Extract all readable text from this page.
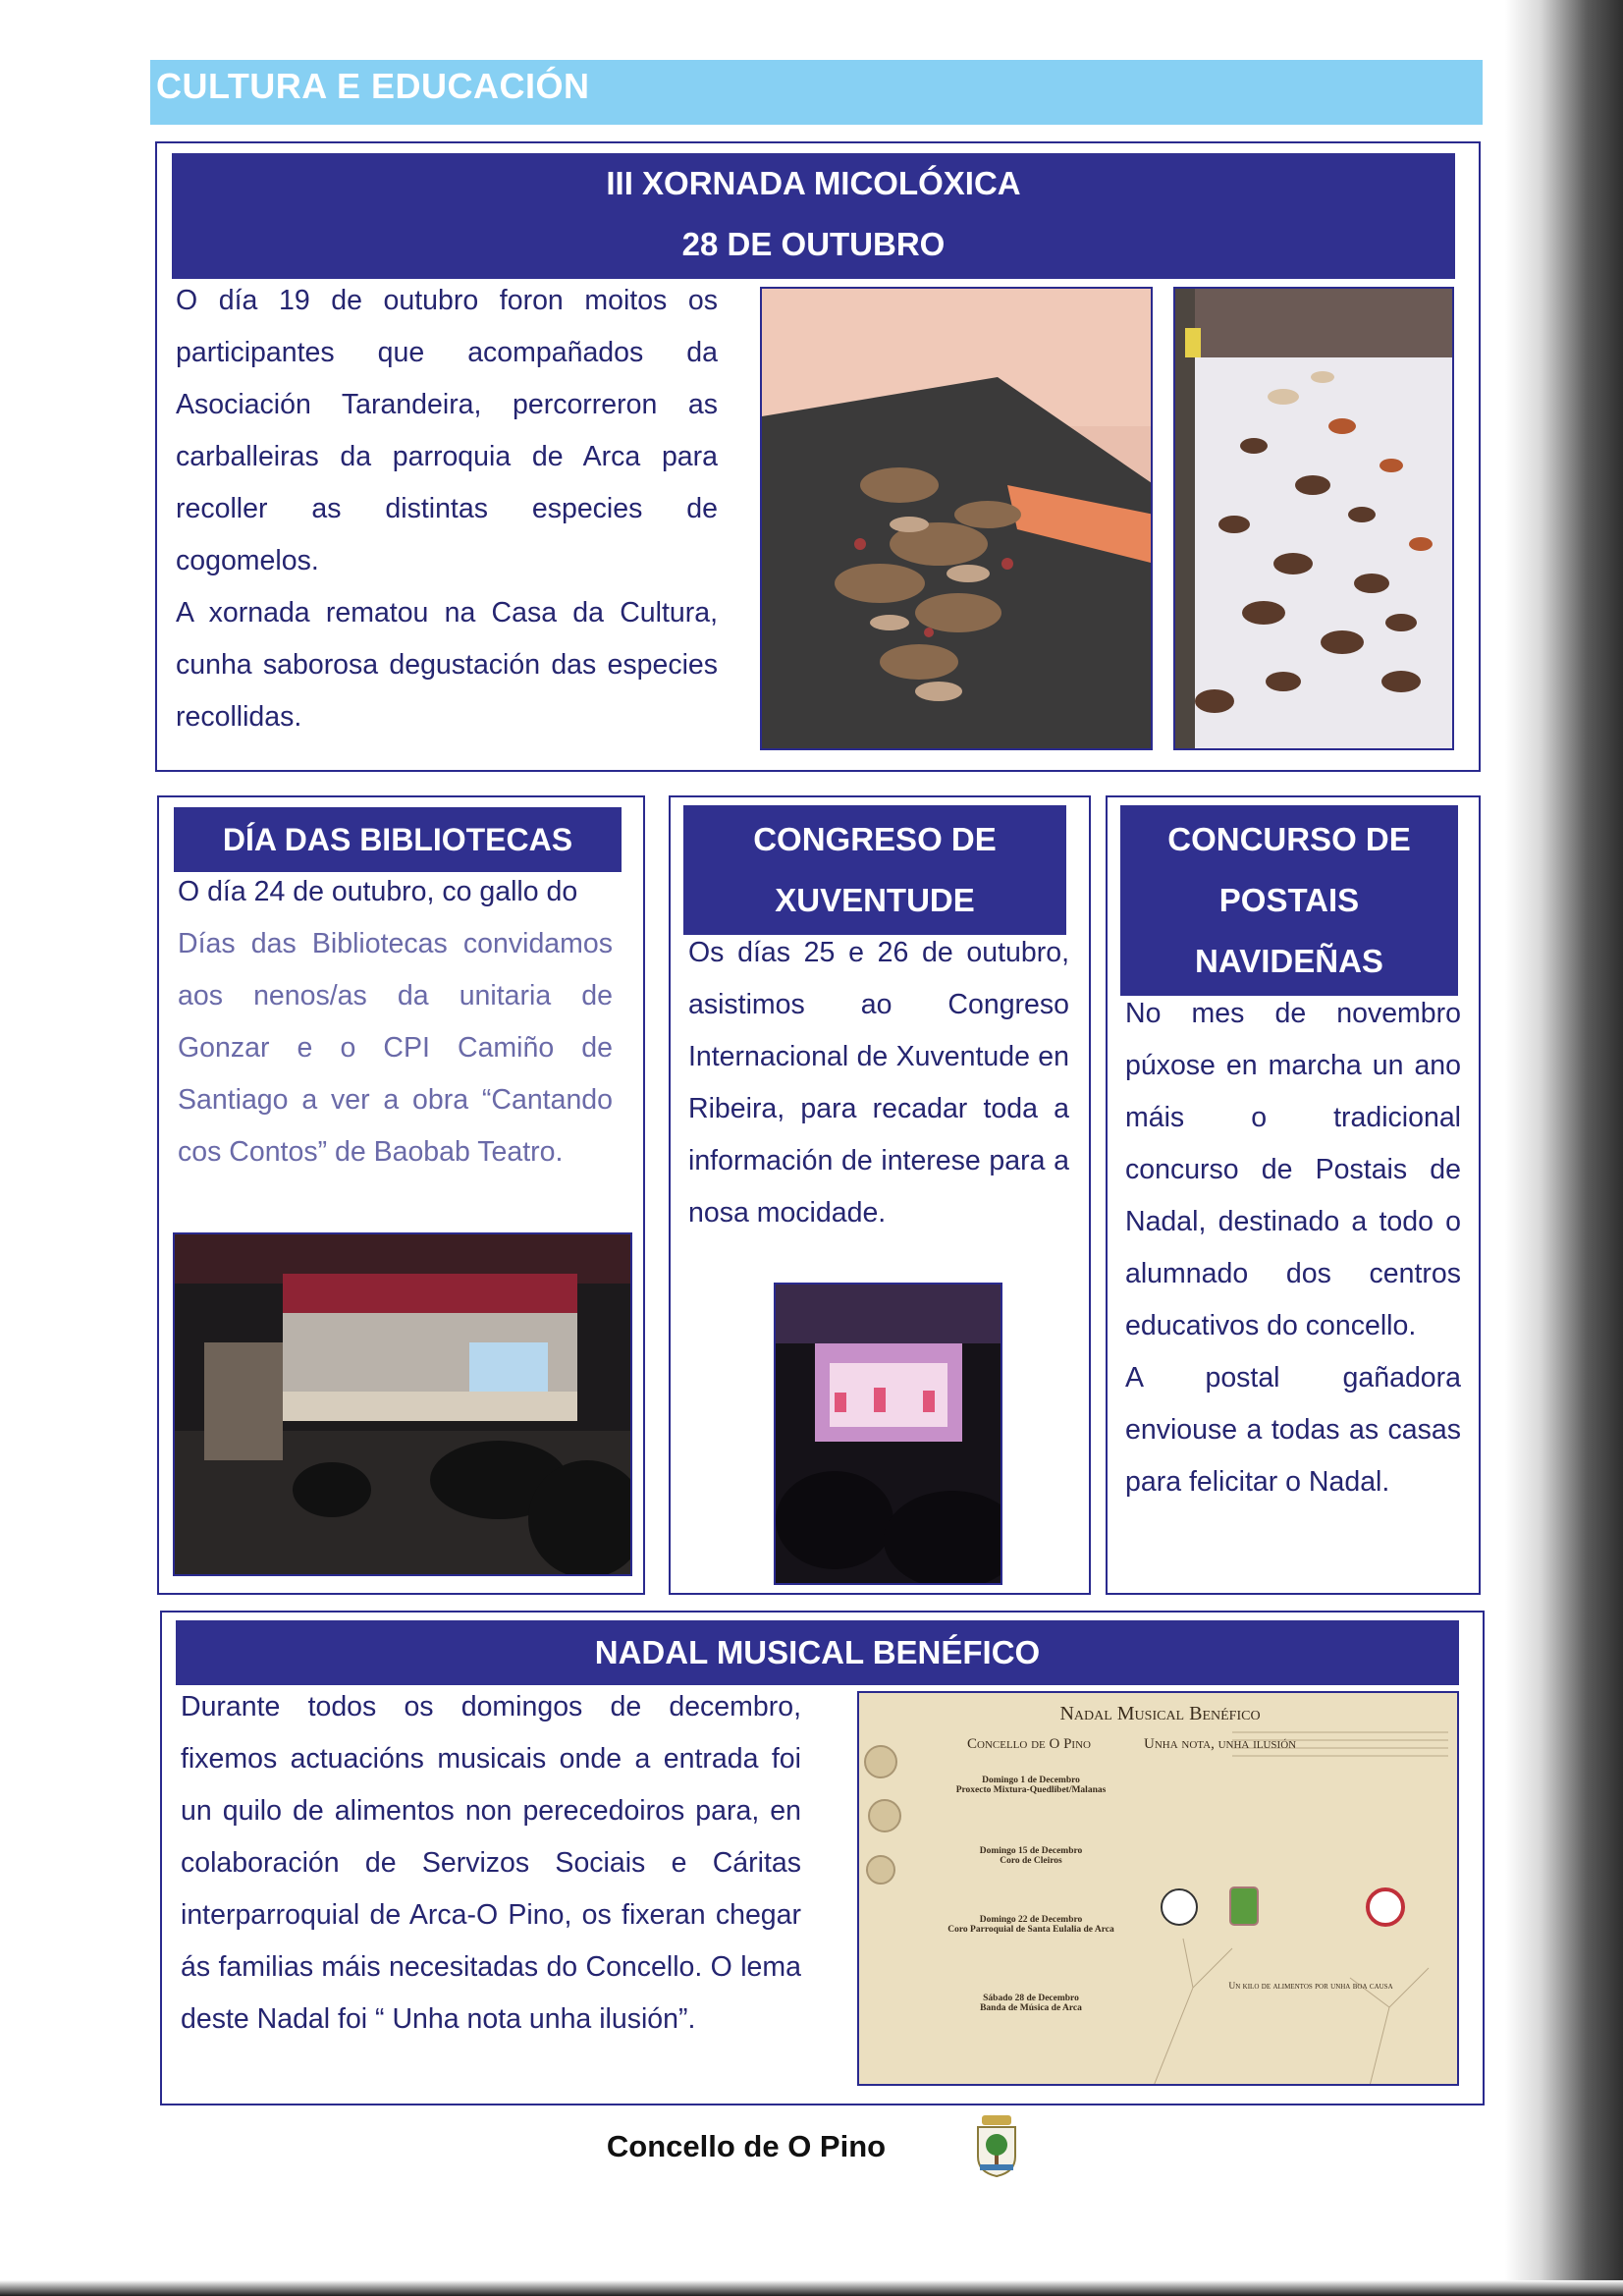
CULTURA E EDUCACIÓN
III XORNADA MICOLÓXICA
28 DE OUTUBRO

O día 19 de outubro foron moitos os participantes que acompañados da Asociación Tarandeira, percorreron as carballeiras da parroquia de Arca para recoller as distintas especies de cogomelos.

A xornada rematou na Casa da Cultura, cunha saborosa degustación das especies recollidas.

DÍA DAS BIBLIOTECAS

O día 24 de outubro, co gallo do

Días das Bibliotecas convidamos aos nenos/as da unitaria de Gonzar e o CPI Camiño de Santiago a ver a obra “Cantando cos Contos” de Baobab Teatro.

CONGRESO DE
XUVENTUDE

Os días 25 e 26 de outubro, asistimos ao Congreso Internacional de Xuventude en Ribeira, para recadar toda a información de interese para a nosa mocidade.

CONCURSO DE
POSTAIS
NAVIDEÑAS

No mes de novembro púxose en marcha un ano máis o tradicional concurso de Postais de Nadal, destinado a todo o alumnado dos centros educativos do concello.

A postal gañadora enviouse a todas as casas para felicitar o Nadal.

NADAL MUSICAL BENÉFICO

Durante todos os domingos de decembro, fixemos actuacións musicais onde a entrada foi un quilo de alimentos non perecedoiros para, en colaboración de Servizos Sociais e Cáritas interparroquial de Arca-O Pino, os fixeran chegar ás familias máis necesitadas do Concello. O lema deste Nadal foi “ Unha nota unha ilusión”.

Nadal Musical Benéfico
Concello de O Pino	Unha nota, unha ilusión
Domingo 1 de Decembro
Proxecto Mixtura-Quedlibet/Malanas
Domingo 15 de Decembro
Coro de Cleiros
Domingo 22 de Decembro
Coro Parroquial de Santa Eulalia de Arca
Sábado 28 de Decembro
Banda de Música de Arca
Un kilo de alimentos por unha boa causa
Concello de O Pino
